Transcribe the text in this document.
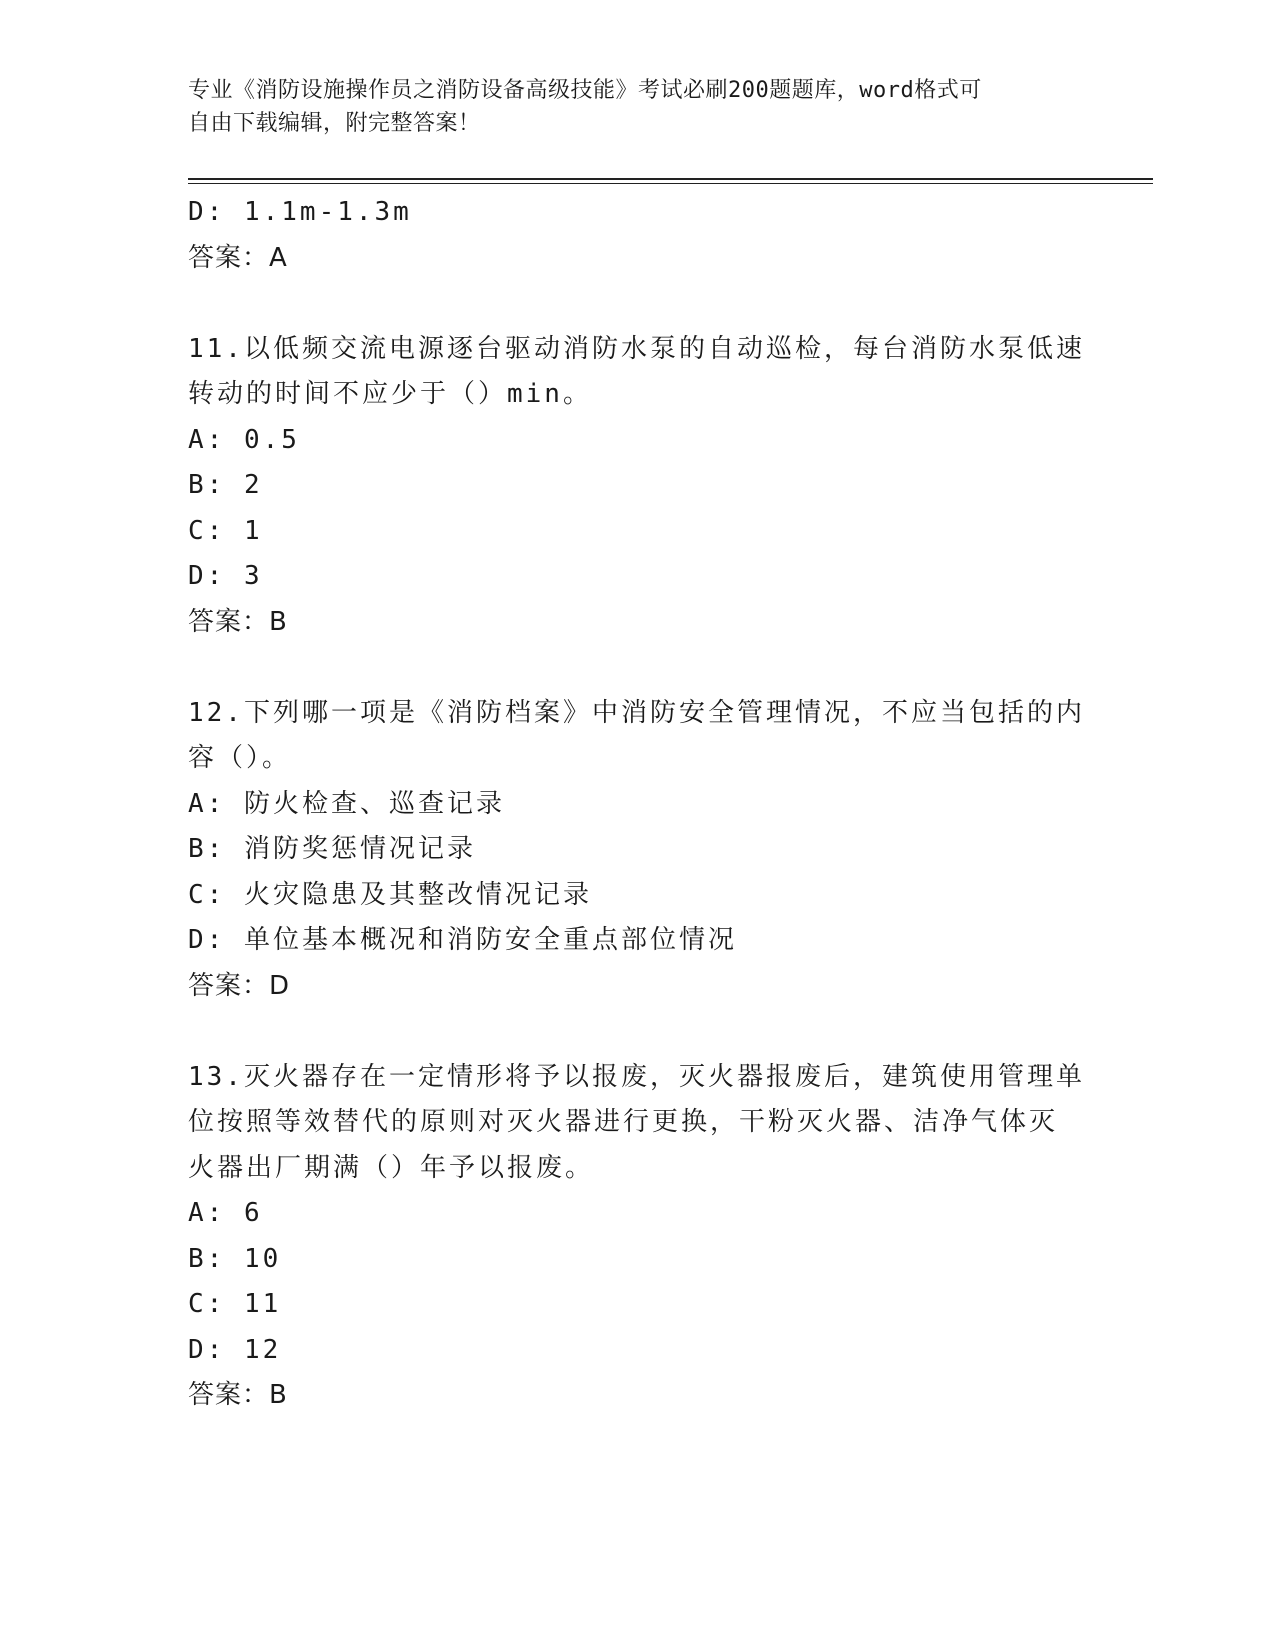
专业《消防设施操作员之消防设备高级技能》考试必刷200题题库，word格式可
自由下载编辑，附完整答案！
D: 1.1m-1.3m
答案：A
11.以低频交流电源逐台驱动消防水泵的自动巡检，每台消防水泵低速
转动的时间不应少于（）min。
A: 0.5
B: 2
C: 1
D: 3
答案：B
12.下列哪一项是《消防档案》中消防安全管理情况，不应当包括的内
容（）。
A: 防火检查、巡查记录
B: 消防奖惩情况记录
C: 火灾隐患及其整改情况记录
D: 单位基本概况和消防安全重点部位情况
答案：D
13.灭火器存在一定情形将予以报废，灭火器报废后，建筑使用管理单
位按照等效替代的原则对灭火器进行更换，干粉灭火器、洁净气体灭
火器出厂期满（）年予以报废。
A: 6
B: 10
C: 11
D: 12
答案：B
